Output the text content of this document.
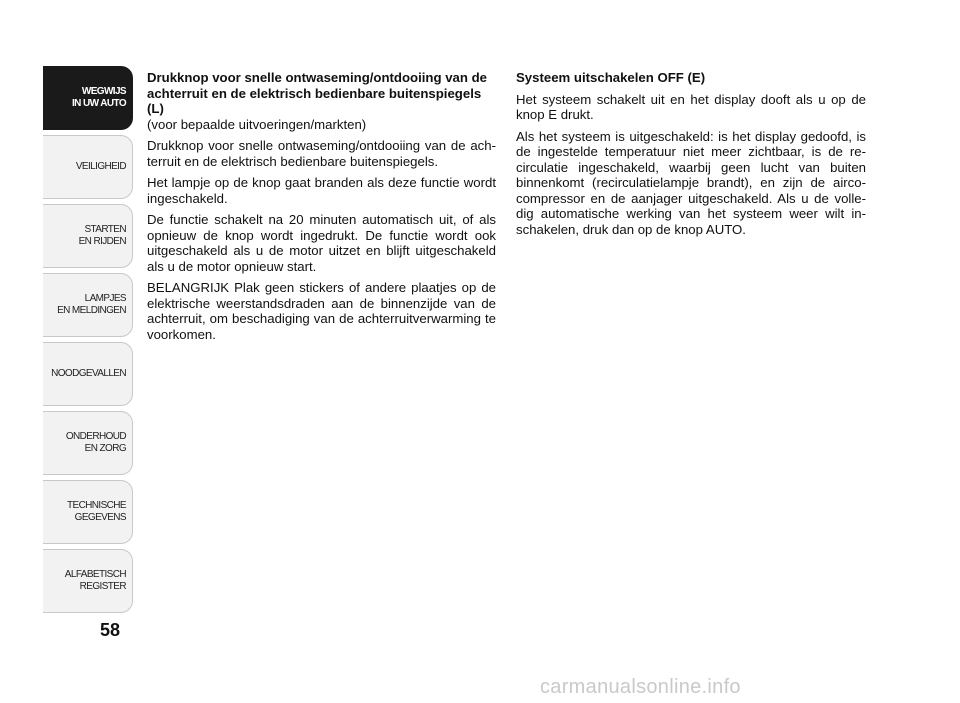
WEGWIJS
IN UW AUTO
VEILIGHEID
STARTEN
EN RIJDEN
LAMPJES
EN MELDINGEN
NOODGEVALLEN
ONDERHOUD
EN ZORG
TECHNISCHE
GEGEVENS
ALFABETISCH
REGISTER
58
Drukknop voor snelle ontwaseming/ontdooiing van de achterruit en de elektrisch bedienbare buitenspiegels (L)

(voor bepaalde uitvoeringen/markten)

Drukknop voor snelle ontwaseming/ontdooiing van de ach-terruit en de elektrisch bedienbare buitenspiegels.

Het lampje op de knop gaat branden als deze functie wordt ingeschakeld.

De functie schakelt na 20 minuten automatisch uit, of als opnieuw de knop wordt ingedrukt. De functie wordt ook uitgeschakeld als u de motor uitzet en blijft uitgeschakeld als u de motor opnieuw start.

BELANGRIJK Plak geen stickers of andere plaatjes op de elektrische weerstandsdraden aan de binnenzijde van de achterruit, om beschadiging van de achterruitverwarming te voorkomen.

Systeem uitschakelen OFF (E)

Het systeem schakelt uit en het display dooft als u op de knop E drukt.

Als het systeem is uitgeschakeld: is het display gedoofd, is de ingestelde temperatuur niet meer zichtbaar, is de re-circulatie ingeschakeld, waarbij geen lucht van buiten binnenkomt (recirculatielampje brandt), en zijn de airco-compressor en de aanjager uitgeschakeld. Als u de volle-dig automatische werking van het systeem weer wilt in-schakelen, druk dan op de knop AUTO.

carmanualsonline.info
